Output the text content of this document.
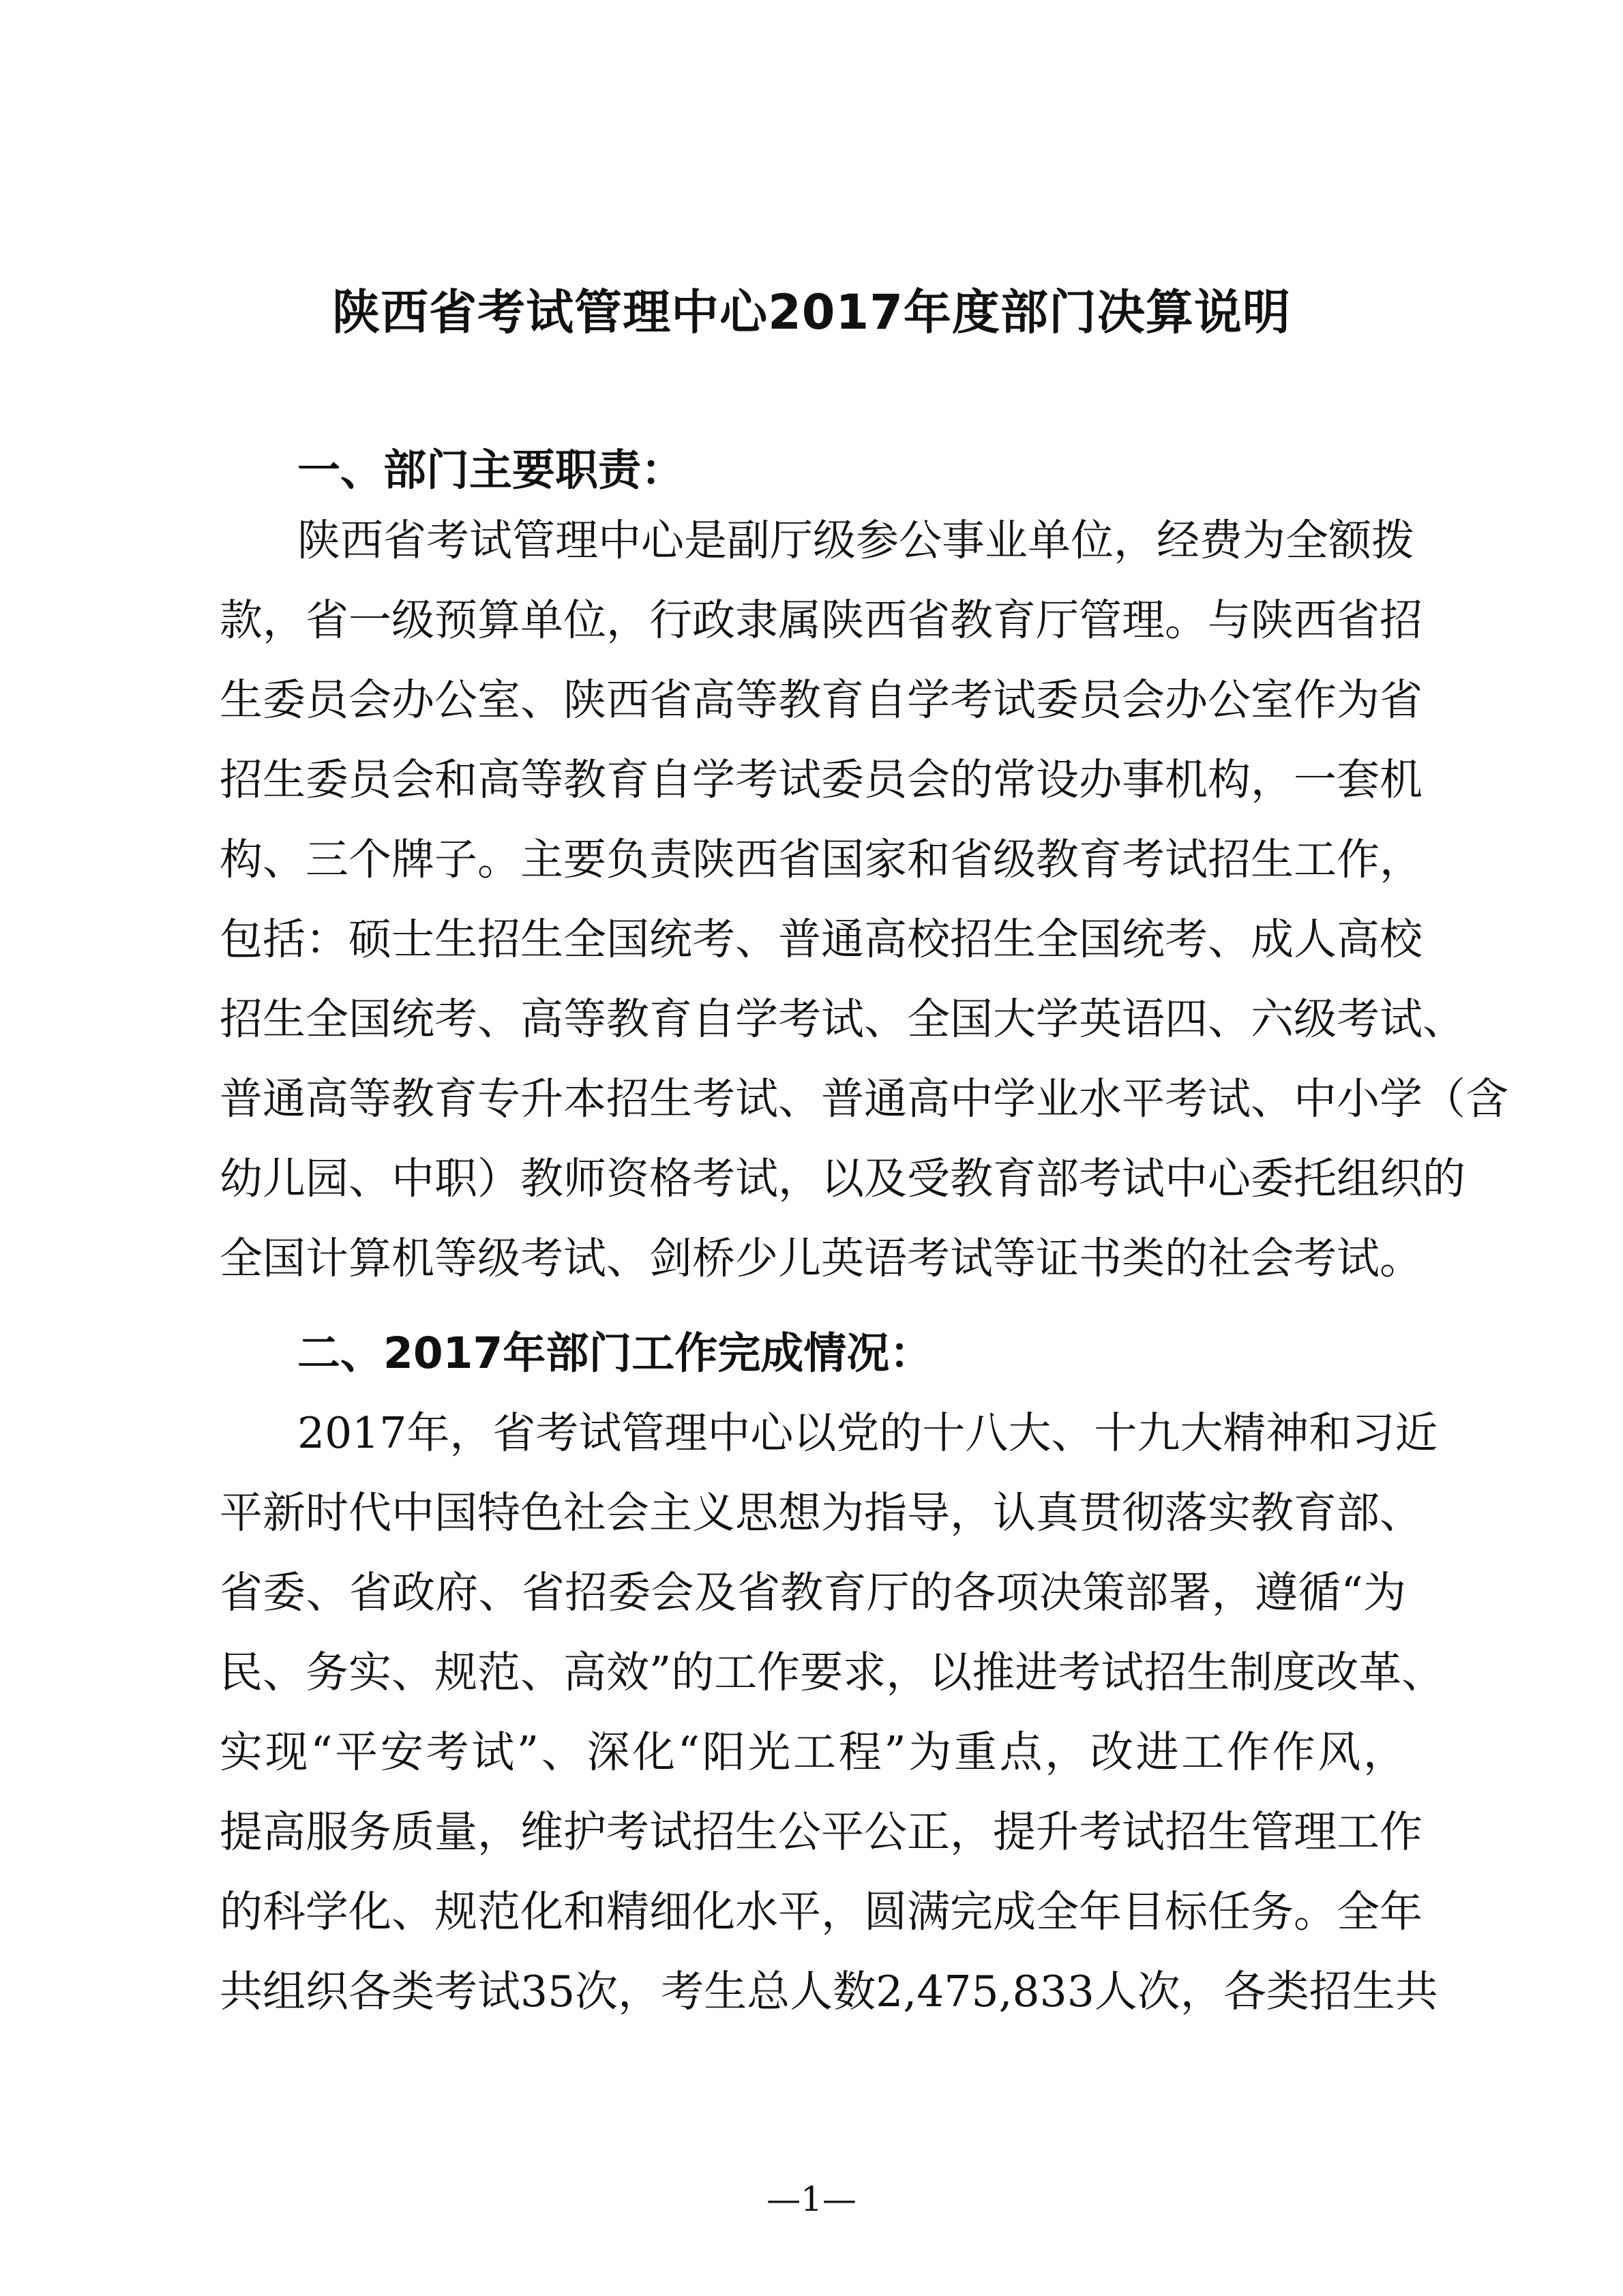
陕西省考试管理中心2017年度部门决算说明
一、部门主要职责：
陕西省考试管理中心是副厅级参公事业单位，经费为全额拨
款，省一级预算单位，行政隶属陕西省教育厅管理。与陕西省招
生委员会办公室、陕西省高等教育自学考试委员会办公室作为省
招生委员会和高等教育自学考试委员会的常设办事机构，一套机
构、三个牌子。主要负责陕西省国家和省级教育考试招生工作，
包括：硕士生招生全国统考、普通高校招生全国统考、成人高校
招生全国统考、高等教育自学考试、全国大学英语四、六级考试、
普通高等教育专升本招生考试、普通高中学业水平考试、中小学（含
幼儿园、中职）教师资格考试，以及受教育部考试中心委托组织的
全国计算机等级考试、剑桥少儿英语考试等证书类的社会考试。
二、2017年部门工作完成情况：
2017年，省考试管理中心以党的十八大、十九大精神和习近
平新时代中国特色社会主义思想为指导，认真贯彻落实教育部、
省委、省政府、省招委会及省教育厅的各项决策部署，遵循“为
民、务实、规范、高效”的工作要求，以推进考试招生制度改革、
实现“平安考试”、深化“阳光工程”为重点，改进工作作风，
提高服务质量，维护考试招生公平公正，提升考试招生管理工作
的科学化、规范化和精细化水平，圆满完成全年目标任务。全年
共组织各类考试35次，考生总人数2,475,833人次，各类招生共
—1—
